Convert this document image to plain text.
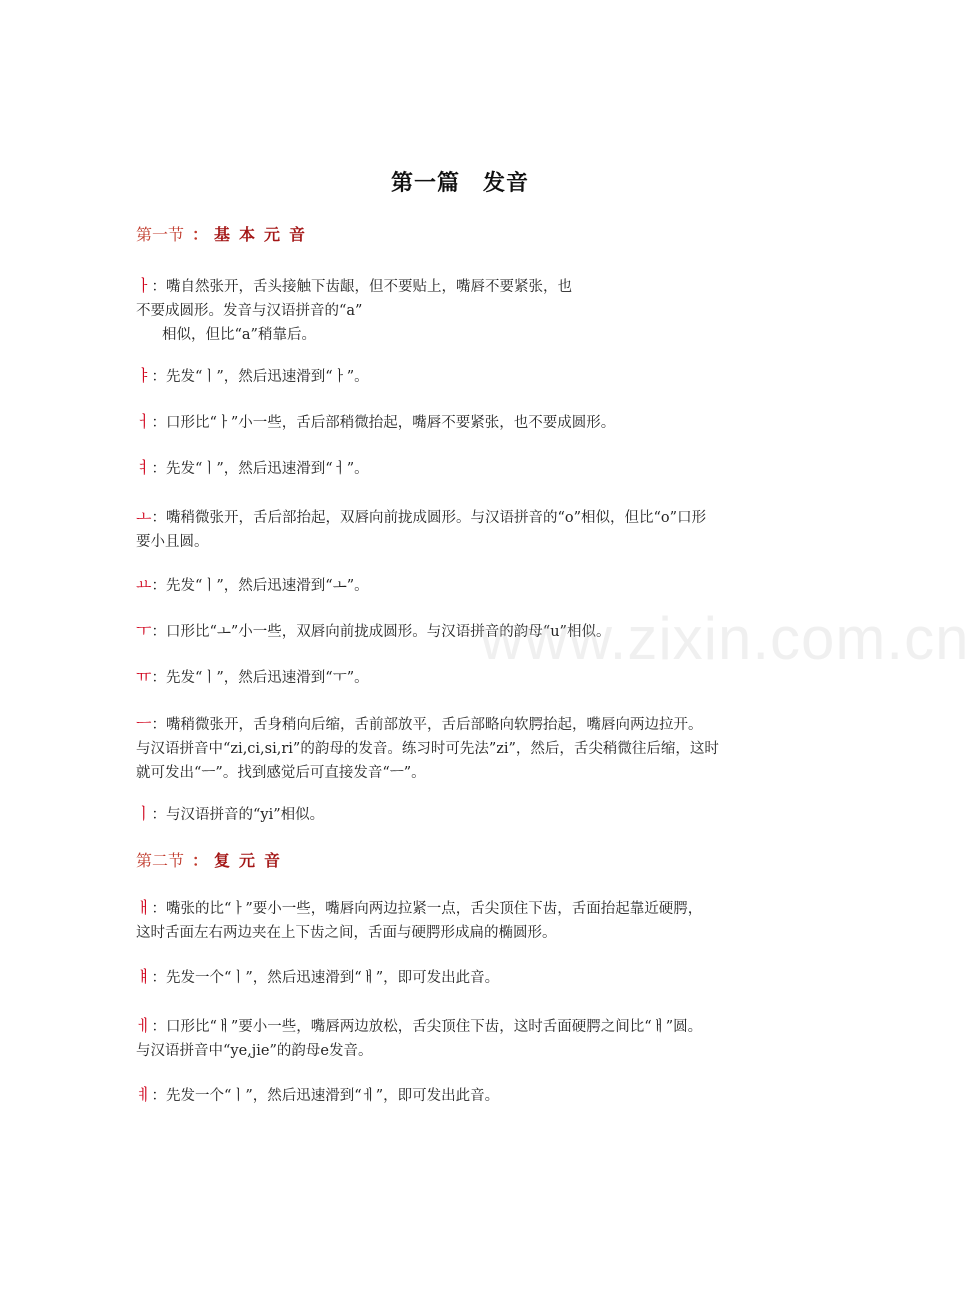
第一篇　发音
第一节 ： 基本元音

ㅏ：嘴自然张开，舌头接触下齿龈，但不要贴上，嘴唇不要紧张，也

不要成圆形。发音与汉语拼音的“a”

相似，但比“a”稍靠后。

ㅑ：先发“ㅣ”，然后迅速滑到“ㅏ”。

ㅓ：口形比“ㅏ”小一些，舌后部稍微抬起，嘴唇不要紧张，也不要成圆形。

ㅕ：先发“ㅣ”，然后迅速滑到“ㅓ”。

ㅗ：嘴稍微张开，舌后部抬起，双唇向前拢成圆形。与汉语拼音的“o”相似，但比“o”口形

要小且圆。

ㅛ：先发“ㅣ”，然后迅速滑到“ㅗ”。

ㅜ：口形比“ㅗ”小一些，双唇向前拢成圆形。与汉语拼音的韵母“u”相似。

ㅠ：先发“ㅣ”，然后迅速滑到“ㅜ”。

ㅡ：嘴稍微张开，舌身稍向后缩，舌前部放平，舌后部略向软腭抬起，嘴唇向两边拉开。

与汉语拼音中“zi,ci,si,ri”的韵母的发音。练习时可先法”zi”，然后，舌尖稍微往后缩，这时

就可发出“ㅡ”。找到感觉后可直接发音“ㅡ”。

ㅣ：与汉语拼音的“yi”相似。

第二节 ： 复元音

ㅐ：嘴张的比“ㅏ”要小一些，嘴唇向两边拉紧一点，舌尖顶住下齿，舌面抬起靠近硬腭，

这时舌面左右两边夹在上下齿之间，舌面与硬腭形成扁的椭圆形。

ㅒ：先发一个“ㅣ”，然后迅速滑到“ㅐ”，即可发出此音。

ㅔ：口形比“ㅐ”要小一些，嘴唇两边放松，舌尖顶住下齿，这时舌面硬腭之间比“ㅐ”圆。

与汉语拼音中“ye,jie”的韵母e发音。

ㅖ：先发一个“ㅣ”，然后迅速滑到“ㅔ”，即可发出此音。

www.zixin.com.cn
